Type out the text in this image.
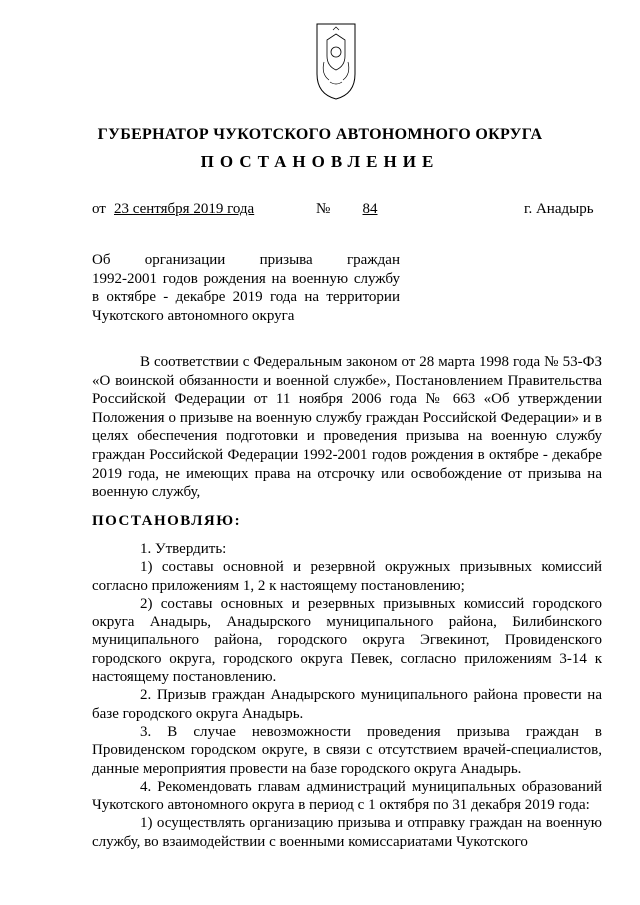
ГУБЕРНАТОР ЧУКОТСКОГО АВТОНОМНОГО ОКРУГА
ПОСТАНОВЛЕНИЕ
от 23 сентября 2019 года	№	84	г. Анадырь
Об организации призыва граждан
1992-2001 годов рождения на военную службу в октябре - декабре 2019 года на территории Чукотского автономного округа

В соответствии с Федеральным законом от 28 марта 1998 года № 53-ФЗ «О воинской обязанности и военной службе», Постановлением Правительства Российской Федерации от 11 ноября 2006 года № 663 «Об утверждении Положения о призыве на военную службу граждан Российской Федерации» и в целях обеспечения подготовки и проведения призыва на военную службу граждан Российской Федерации 1992-2001 годов рождения в октябре - декабре 2019 года, не имеющих права на отсрочку или освобождение от призыва на военную службу,

ПОСТАНОВЛЯЮ:

1. Утвердить:

1) составы основной и резервной окружных призывных комиссий согласно приложениям 1, 2 к настоящему постановлению;

2) составы основных и резервных призывных комиссий городского округа Анадырь, Анадырского муниципального района, Билибинского муниципального района, городского округа Эгвекинот, Провиденского городского округа, городского округа Певек, согласно приложениям 3-14 к настоящему постановлению.

2. Призыв граждан Анадырского муниципального района провести на базе городского округа Анадырь.

3. В случае невозможности проведения призыва граждан в Провиденском городском округе, в связи с отсутствием врачей-специалистов, данные мероприятия провести на базе городского округа Анадырь.

4. Рекомендовать главам администраций муниципальных образований Чукотского автономного округа в период с 1 октября по 31 декабря 2019 года:

1) осуществлять организацию призыва и отправку граждан на военную службу, во взаимодействии с военными комиссариатами Чукотского
